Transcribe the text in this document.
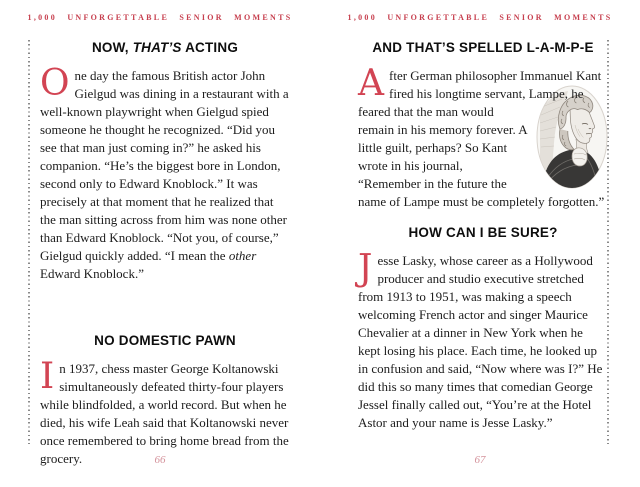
1,000 UNFORGETTABLE SENIOR MOMENTS
NOW, THAT’S ACTING

One day the famous British actor John Gielgud was dining in a restaurant with a well-known playwright when Gielgud spied someone he thought he recognized. “Did you see that man just coming in?” he asked his companion. “He’s the biggest bore in London, second only to Edward Knoblock.” It was precisely at that moment that he realized that the man sitting across from him was none other than Edward Knoblock. “Not you, of course,” Gielgud quickly added. “I mean the other Edward Knoblock.”

NO DOMESTIC PAWN

In 1937, chess master George Koltanowski simultaneously defeated thirty-four players while blindfolded, a world record. But when he died, his wife Leah said that Koltanowski never once remembered to bring home bread from the grocery.	66
1,000 UNFORGETTABLE SENIOR MOMENTS
AND THAT’S SPELLED L-A-M-P-E

After German philosopher Immanuel Kant fired his longtime servant,
Lampe, he feared that the man would remain in his memory forever. A little guilt, perhaps? So Kant wrote in his journal, “Remember in the future the name of Lampe must be completely forgotten.”

HOW CAN I BE SURE?

Jesse Lasky, whose career as a Hollywood producer and studio executive stretched from 1913 to 1951, was making a speech welcoming French actor and singer Maurice Chevalier at a dinner in New York when he kept losing his place. Each time, he looked up in confusion and said, “Now where was I?” He did this so many times that comedian George Jessel finally called out, “You’re at the Hotel Astor and your name is Jesse Lasky.”

67
